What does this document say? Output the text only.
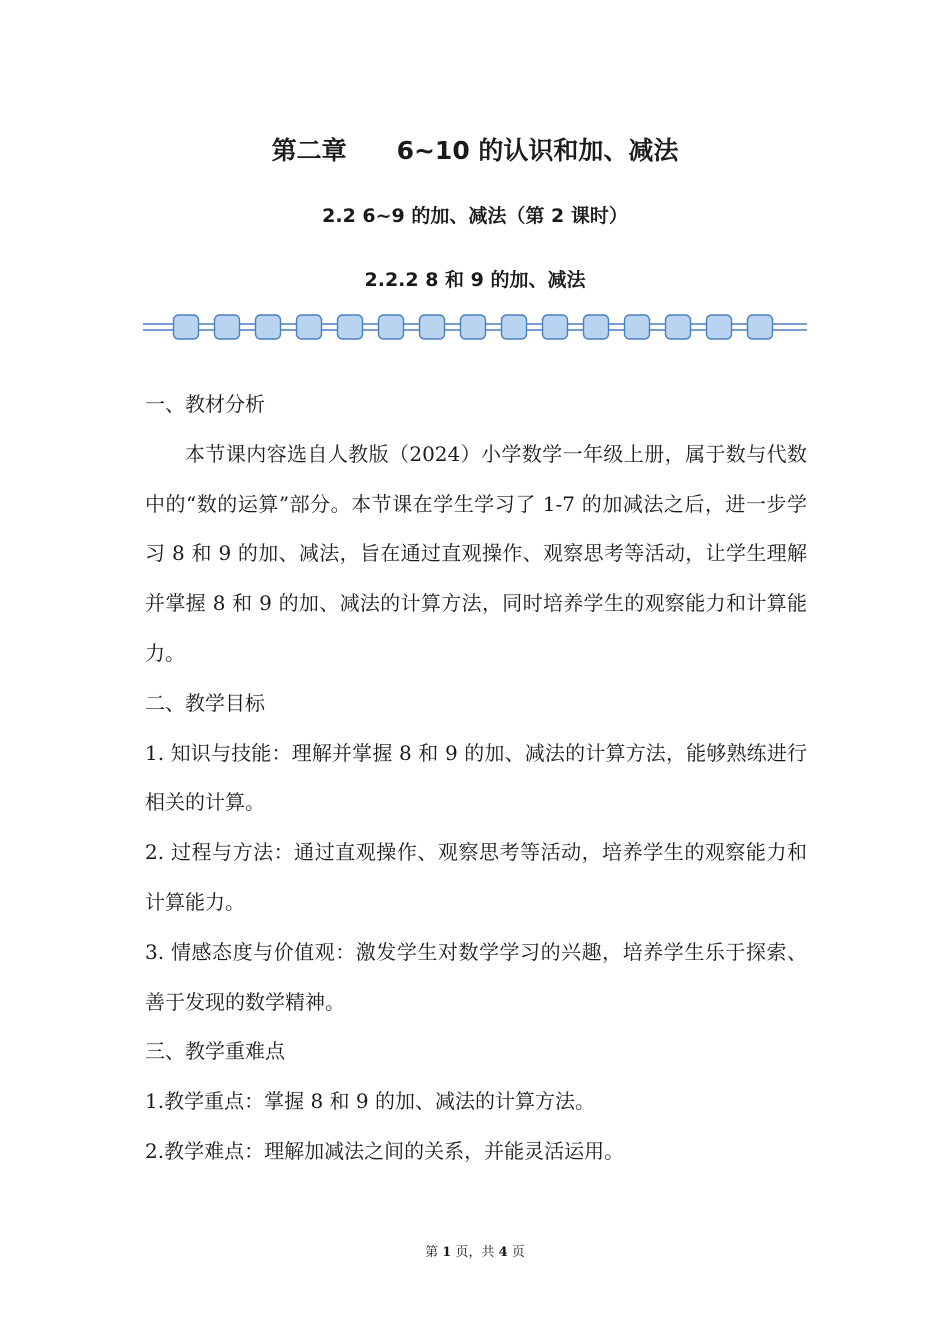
第二章　　6~10 的认识和加、减法
2.2 6~9 的加、减法（第 2 课时）
2.2.2 8 和 9 的加、减法

一、教材分析

本节课内容选自人教版（2024）小学数学一年级上册，属于数与代数中的“数的运算”部分。本节课在学生学习了 1-7 的加减法之后，进一步学习 8 和 9 的加、减法，旨在通过直观操作、观察思考等活动，让学生理解并掌握 8 和 9 的加、减法的计算方法，同时培养学生的观察能力和计算能力。

二、教学目标

1. 知识与技能：理解并掌握 8 和 9 的加、减法的计算方法，能够熟练进行相关的计算。

2. 过程与方法：通过直观操作、观察思考等活动，培养学生的观察能力和计算能力。

3. 情感态度与价值观：激发学生对数学学习的兴趣，培养学生乐于探索、善于发现的数学精神。

三、教学重难点

1.教学重点：掌握 8 和 9 的加、减法的计算方法。

2.教学难点：理解加减法之间的关系，并能灵活运用。

第 1 页，共 4 页
